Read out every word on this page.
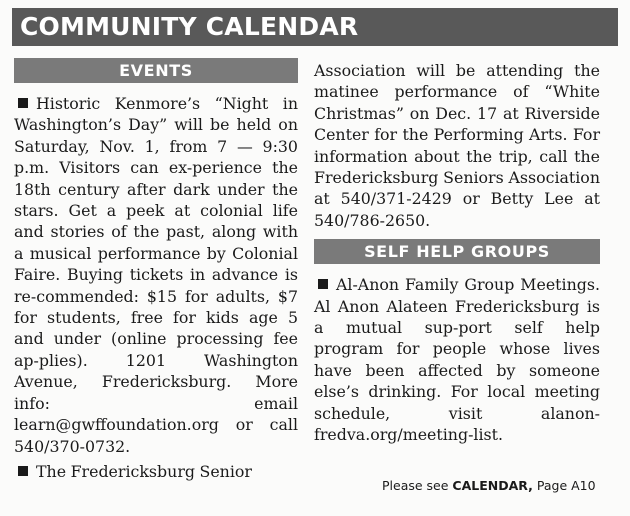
COMMUNITY CALENDAR
EVENTS

Historic Kenmore’s “Night in Washington’s Day” will be held on Saturday, Nov. 1, from 7 — 9:30 p.m. Visitors can ex-perience the 18th century after dark under the stars. Get a peek at colonial life and stories of the past, along with a musical performance by Colonial Faire. Buying tickets in advance is re-commended: $15 for adults, $7 for students, free for kids age 5 and under (online processing fee ap-plies). 1201 Washington Avenue, Fredericksburg. More info: email learn@gwffoundation.org or call 540/370-0732.

The Fredericksburg Senior

Association will be attending the matinee performance of “White Christmas” on Dec. 17 at Riverside Center for the Performing Arts. For information about the trip, call the Fredericksburg Seniors Association at 540/371-2429 or Betty Lee at 540/786-2650.

SELF HELP GROUPS

Al-Anon Family Group Meetings. Al Anon Alateen Fredericksburg is a mutual sup-port self help program for people whose lives have been affected by someone else’s drinking. For local meeting schedule, visit alanon-fredva.org/meeting-list.

Please see CALENDAR, Page A10
